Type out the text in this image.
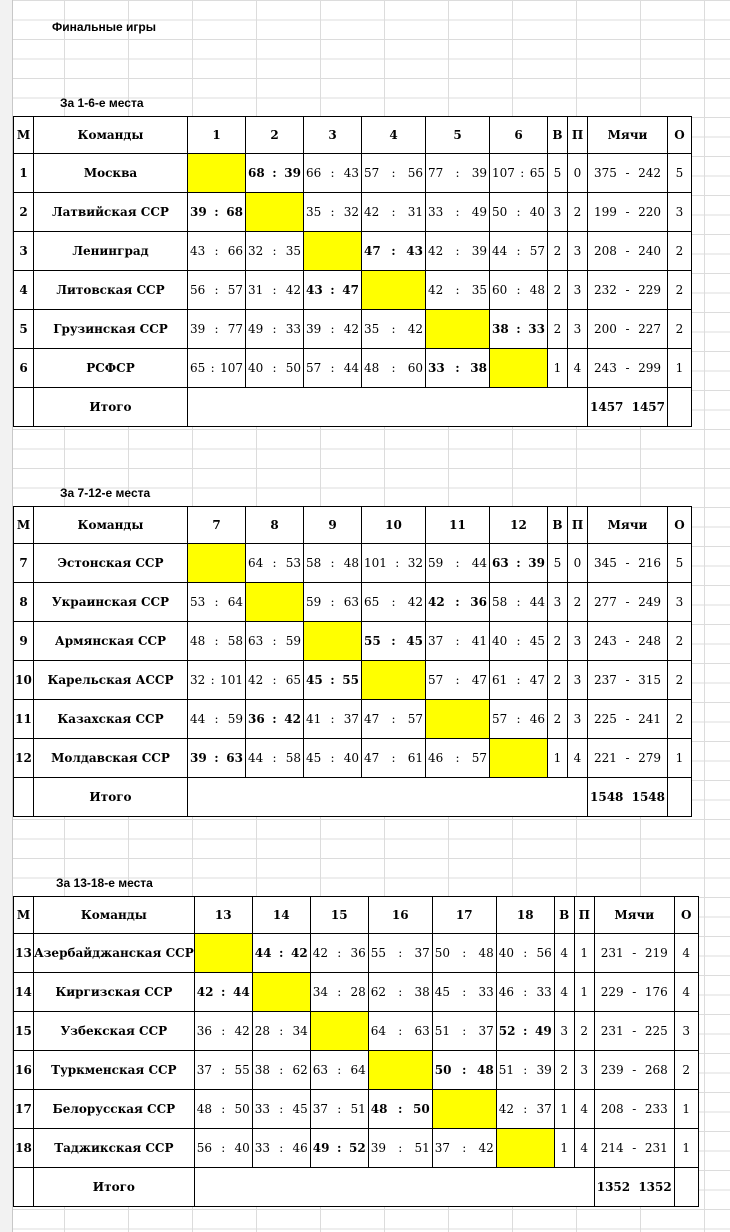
Финальные игры
За 1-6-е места
М	Команды	1	2	3	4	5	6	В	П	Мячи	О
1	Москва		68 : 39	66 : 43	57 : 56	77 : 39	107 : 65	5	0	375 - 242	5
2	Латвийская ССР	39 : 68		35 : 32	42 : 31	33 : 49	50 : 40	3	2	199 - 220	3
3	Ленинград	43 : 66	32 : 35		47 : 43	42 : 39	44 : 57	2	3	208 - 240	2
4	Литовская ССР	56 : 57	31 : 42	43 : 47		42 : 35	60 : 48	2	3	232 - 229	2
5	Грузинская ССР	39 : 77	49 : 33	39 : 42	35 : 42		38 : 33	2	3	200 - 227	2
6	РСФСР	65 : 107	40 : 50	57 : 44	48 : 60	33 : 38		1	4	243 - 299	1
	Итого									1457 1457	

За 7-12-е места
М	Команды	7	8	9	10	11	12	В	П	Мячи	О
7	Эстонская ССР		64 : 53	58 : 48	101 : 32	59 : 44	63 : 39	5	0	345 - 216	5
8	Украинская ССР	53 : 64		59 : 63	65 : 42	42 : 36	58 : 44	3	2	277 - 249	3
9	Армянская ССР	48 : 58	63 : 59		55 : 45	37 : 41	40 : 45	2	3	243 - 248	2
10	Карельская АССР	32 : 101	42 : 65	45 : 55		57 : 47	61 : 47	2	3	237 - 315	2
11	Казахская ССР	44 : 59	36 : 42	41 : 37	47 : 57		57 : 46	2	3	225 - 241	2
12	Молдавская ССР	39 : 63	44 : 58	45 : 40	47 : 61	46 : 57		1	4	221 - 279	1
	Итого									1548 1548	

За 13-18-е места
М	Команды	13	14	15	16	17	18	В	П	Мячи	О
13	Азербайджанская ССР		44 : 42	42 : 36	55 : 37	50 : 48	40 : 56	4	1	231 - 219	4
14	Киргизская ССР	42 : 44		34 : 28	62 : 38	45 : 33	46 : 33	4	1	229 - 176	4
15	Узбекская ССР	36 : 42	28 : 34		64 : 63	51 : 37	52 : 49	3	2	231 - 225	3
16	Туркменская ССР	37 : 55	38 : 62	63 : 64		50 : 48	51 : 39	2	3	239 - 268	2
17	Белорусская ССР	48 : 50	33 : 45	37 : 51	48 : 50		42 : 37	1	4	208 - 233	1
18	Таджикская ССР	56 : 40	33 : 46	49 : 52	39 : 51	37 : 42		1	4	214 - 231	1
	Итого									1352 1352	
